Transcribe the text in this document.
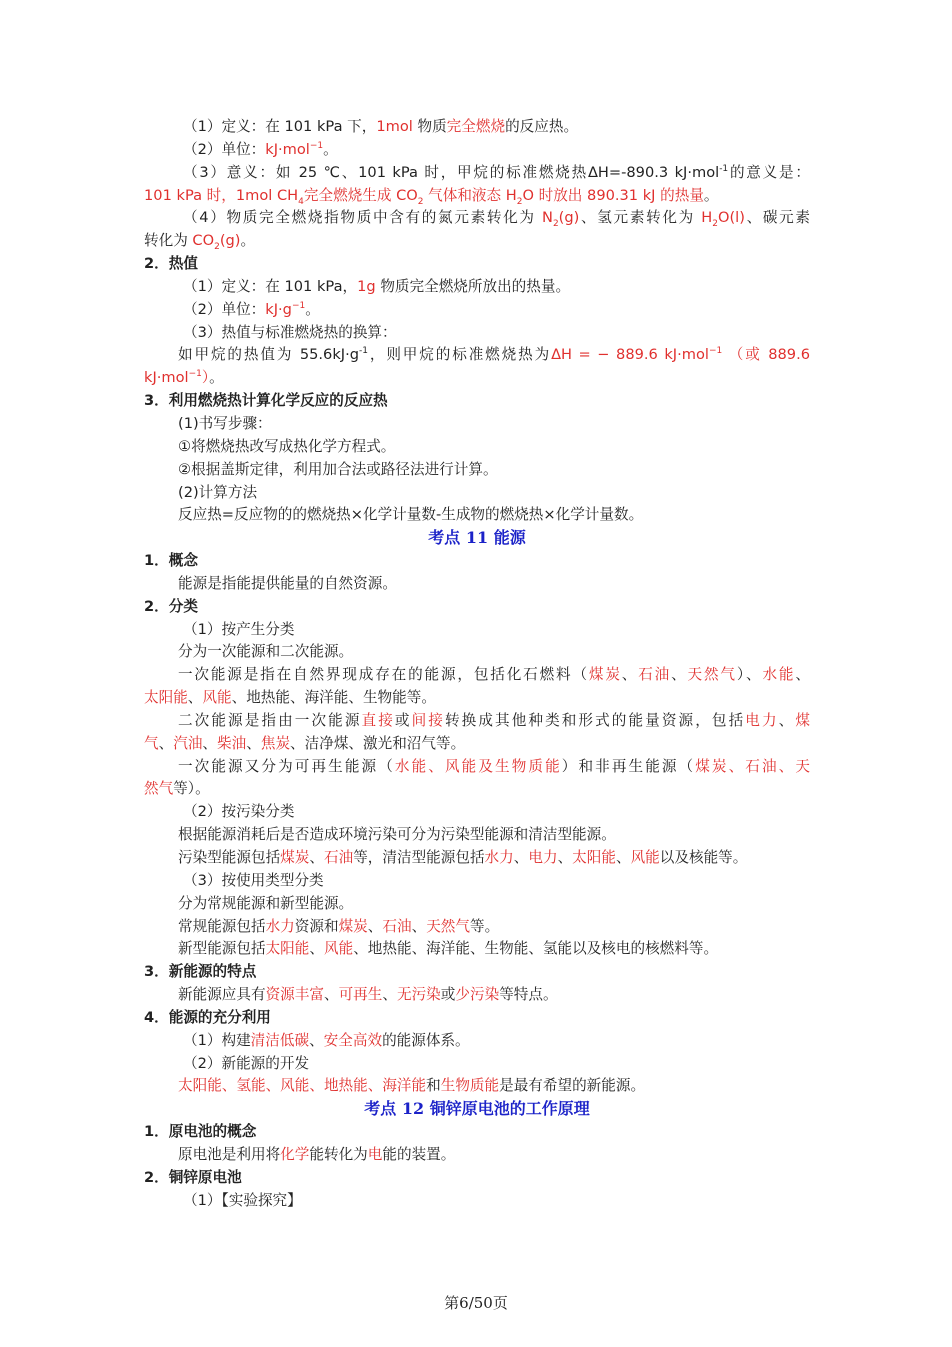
（1）定义：在 101 kPa 下，1mol 物质完全燃烧的反应热。
（2）单位：kJ·mol$^{-1}$。
（3）意义：如 25 ℃、101 kPa 时，甲烷的标准燃烧热ΔH=-890.3 kJ·mol$^{-1}$的意义是：
101 kPa 时，1mol $CH_4$完全燃烧生成 $CO_2$ 气体和液态 $H_2O$ 时放出 890.31 kJ 的热量。
（4）物质完全燃烧指物质中含有的氮元素转化为 $N_2(g)$、氢元素转化为 $H_2O(l)$、碳元素
转化为 $CO_2(g)$。
2．热值
（1）定义：在 101 kPa，1g 物质完全燃烧所放出的热量。
（2）单位：$kJ\cdot g^{-1}$。
（3）热值与标准燃烧热的换算：
如甲烷的热值为 $55.6kJ\cdot g^{-1}$，则甲烷的标准燃烧热为ΔH = − 889.6 kJ·mol$^{-1}$ （或 889.6
kJ·mol$^{-1}$）。
3．利用燃烧热计算化学反应的反应热
(1)书写步骤：
①将燃烧热改写成热化学方程式。
②根据盖斯定律，利用加合法或路径法进行计算。
(2)计算方法
反应热=反应物的的燃烧热×化学计量数-生成物的燃烧热×化学计量数。
考点 11 能源
1．概念
能源是指能提供能量的自然资源。
2．分类
（1）按产生分类
分为一次能源和二次能源。
一次能源是指在自然界现成存在的能源，包括化石燃料（煤炭、石油、天然气）、水能、
太阳能、风能、地热能、海洋能、生物能等。
二次能源是指由一次能源直接或间接转换成其他种类和形式的能量资源，包括电力、煤
气、汽油、柴油、焦炭、洁净煤、激光和沼气等。
一次能源又分为可再生能源（水能、风能及生物质能）和非再生能源（煤炭、石油、天
然气等）。
（2）按污染分类
根据能源消耗后是否造成环境污染可分为污染型能源和清洁型能源。
污染型能源包括煤炭、石油等，清洁型能源包括水力、电力、太阳能、风能以及核能等。
（3）按使用类型分类
分为常规能源和新型能源。
常规能源包括水力资源和煤炭、石油、天然气等。
新型能源包括太阳能、风能、地热能、海洋能、生物能、氢能以及核电的核燃料等。
3．新能源的特点
新能源应具有资源丰富、可再生、无污染或少污染等特点。
4．能源的充分利用
（1）构建清洁低碳、安全高效的能源体系。
（2）新能源的开发
太阳能、氢能、风能、地热能、海洋能和生物质能是最有希望的新能源。
考点 12 铜锌原电池的工作原理
1．原电池的概念
原电池是利用将化学能转化为电能的装置。
2．铜锌原电池
（1）【实验探究】
第6/50页
